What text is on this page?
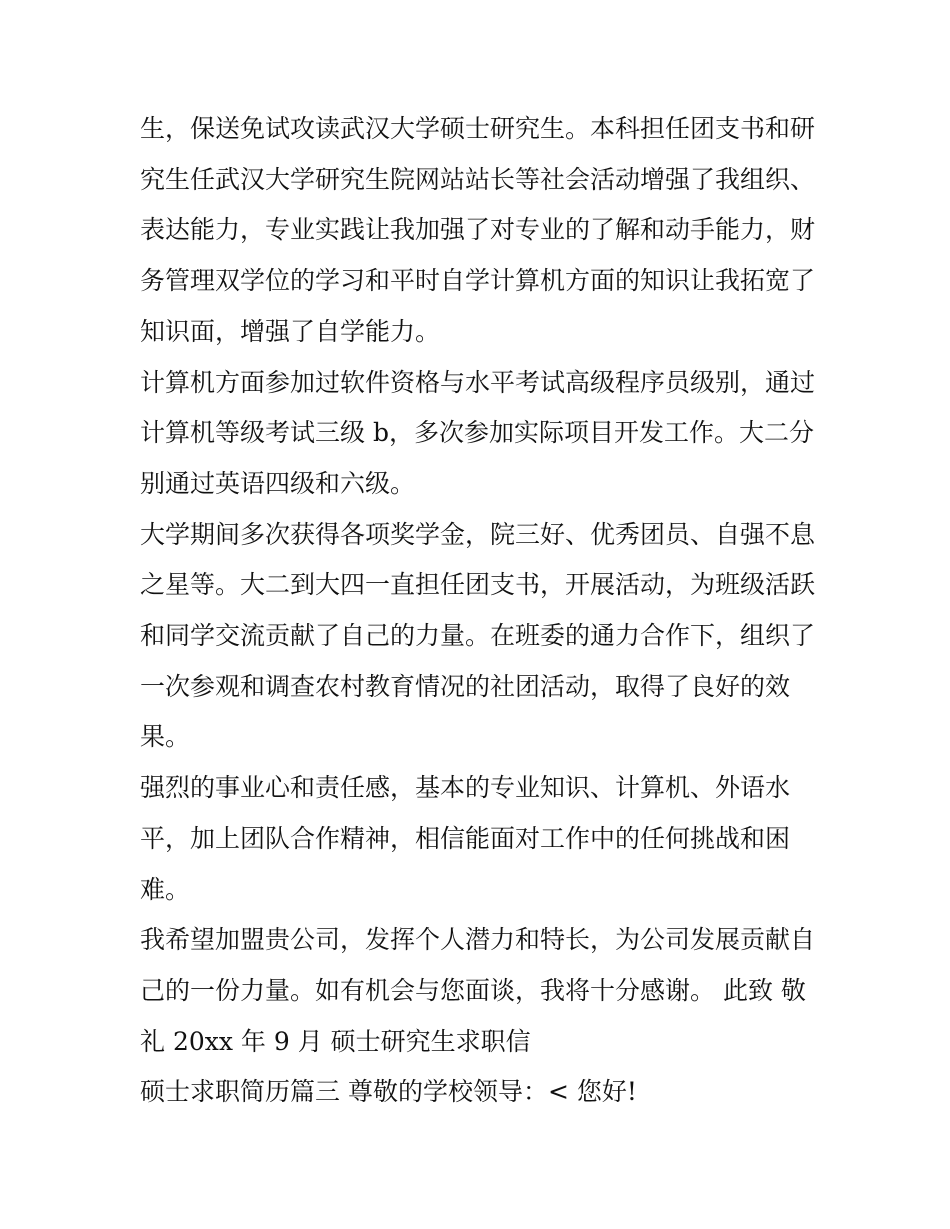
生，保送免试攻读武汉大学硕士研究生。本科担任团支书和研
究生任武汉大学研究生院网站站长等社会活动增强了我组织、
表达能力，专业实践让我加强了对专业的了解和动手能力，财
务管理双学位的学习和平时自学计算机方面的知识让我拓宽了
知识面，增强了自学能力。

计算机方面参加过软件资格与水平考试高级程序员级别，通过
计算机等级考试三级 b，多次参加实际项目开发工作。大二分
别通过英语四级和六级。

大学期间多次获得各项奖学金，院三好、优秀团员、自强不息
之星等。大二到大四一直担任团支书，开展活动，为班级活跃
和同学交流贡献了自己的力量。在班委的通力合作下，组织了
一次参观和调查农村教育情况的社团活动，取得了良好的效
果。

强烈的事业心和责任感，基本的专业知识、计算机、外语水
平，加上团队合作精神，相信能面对工作中的任何挑战和困
难。

我希望加盟贵公司，发挥个人潜力和特长，为公司发展贡献自
己的一份力量。如有机会与您面谈，我将十分感谢。 此致 敬
礼 20xx 年 9 月 硕士研究生求职信

硕士求职简历篇三 尊敬的学校领导：< 您好!
